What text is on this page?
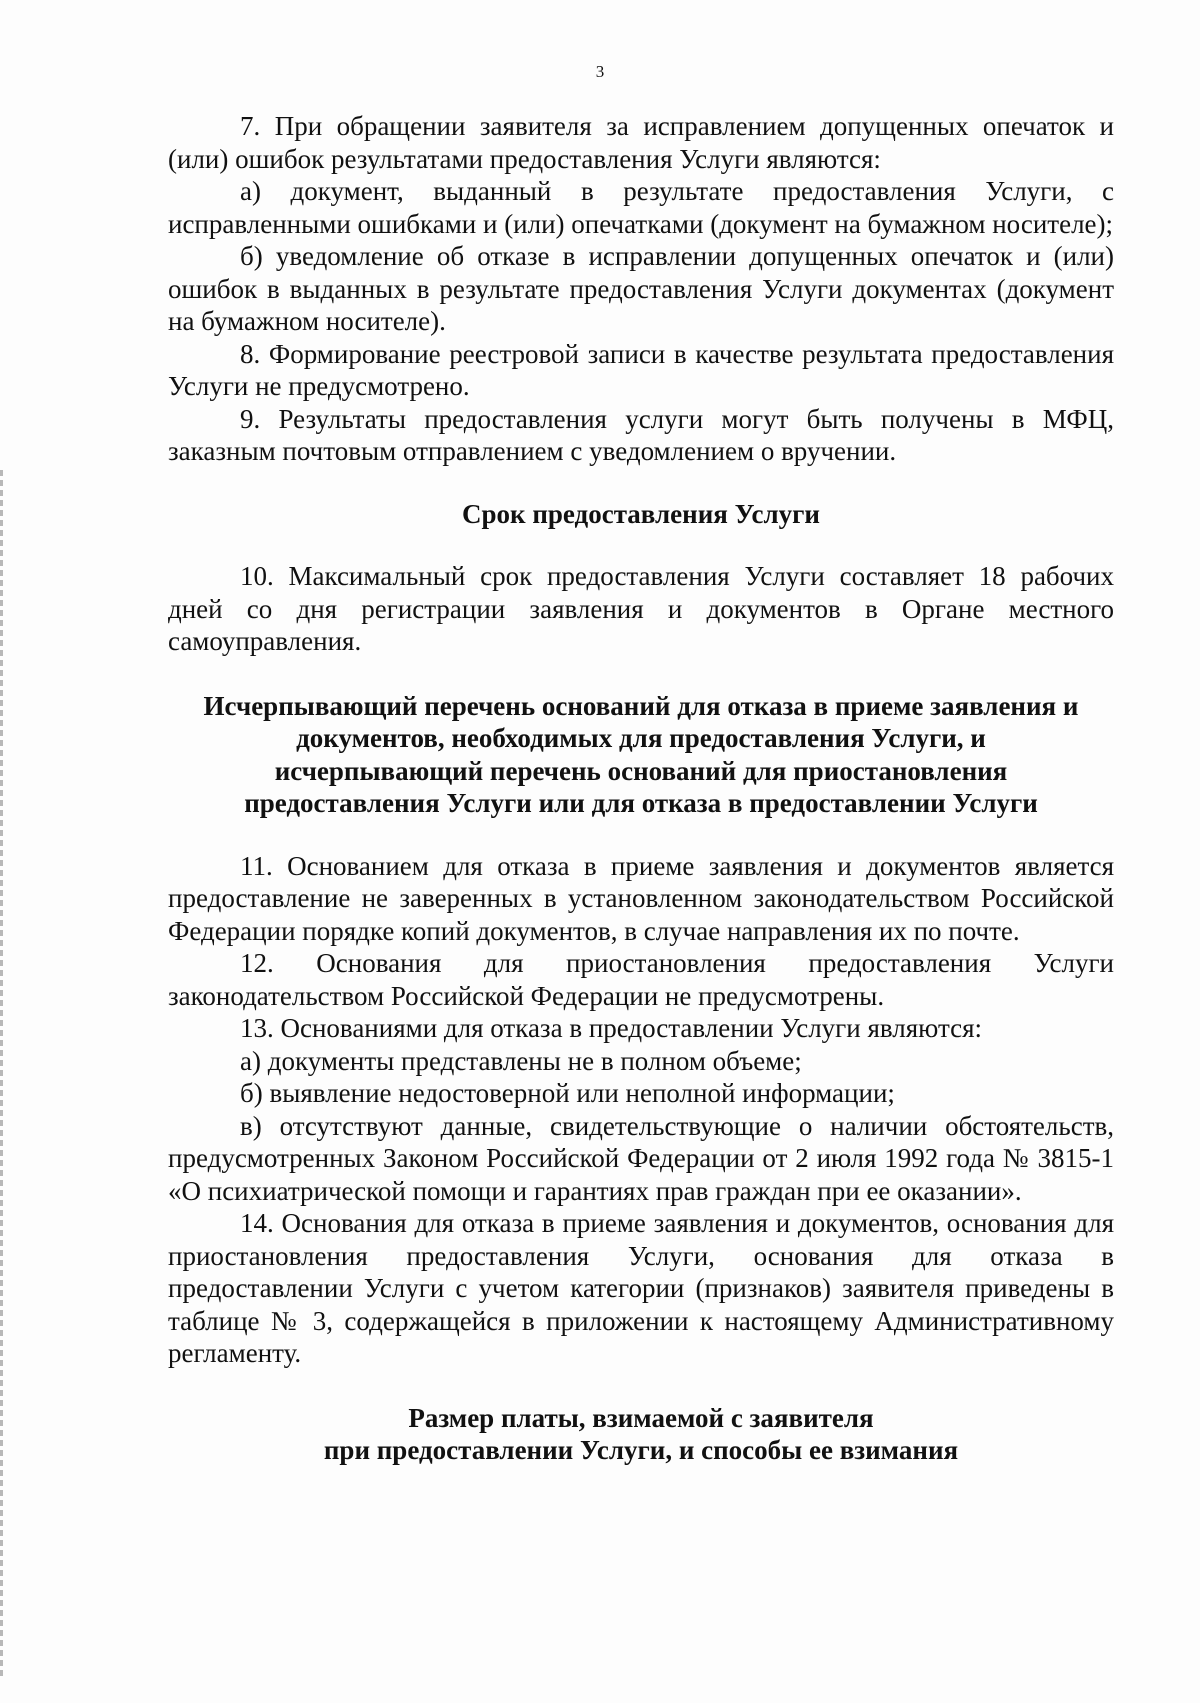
3

7. При обращении заявителя за исправлением допущенных опечаток и (или) ошибок результатами предоставления Услуги являются:

а) документ, выданный в результате предоставления Услуги, с исправленными ошибками и (или) опечатками (документ на бумажном носителе);

б) уведомление об отказе в исправлении допущенных опечаток и (или) ошибок в выданных в результате предоставления Услуги документах (документ на бумажном носителе).

8. Формирование реестровой записи в качестве результата предоставления Услуги не предусмотрено.

9. Результаты предоставления услуги могут быть получены в МФЦ, заказным почтовым отправлением с уведомлением о вручении.

Срок предоставления Услуги

10. Максимальный срок предоставления Услуги составляет 18 рабочих дней со дня регистрации заявления и документов в Органе местного самоуправления.

Исчерпывающий перечень оснований для отказа в приеме заявления и
документов, необходимых для предоставления Услуги, и
исчерпывающий перечень оснований для приостановления
предоставления Услуги или для отказа в предоставлении Услуги

11. Основанием для отказа в приеме заявления и документов является предоставление не заверенных в установленном законодательством Российской Федерации порядке копий документов, в случае направления их по почте.

12. Основания для приостановления предоставления Услуги законодательством Российской Федерации не предусмотрены.

13. Основаниями для отказа в предоставлении Услуги являются:

а) документы представлены не в полном объеме;

б) выявление недостоверной или неполной информации;

в) отсутствуют данные, свидетельствующие о наличии обстоятельств, предусмотренных Законом Российской Федерации от 2 июля 1992 года № 3815-1 «О психиатрической помощи и гарантиях прав граждан при ее оказании».

14. Основания для отказа в приеме заявления и документов, основания для приостановления предоставления Услуги, основания для отказа в предоставлении Услуги с учетом категории (признаков) заявителя приведены в таблице № 3, содержащейся в приложении к настоящему Административному регламенту.

Размер платы, взимаемой с заявителя
при предоставлении Услуги, и способы ее взимания
